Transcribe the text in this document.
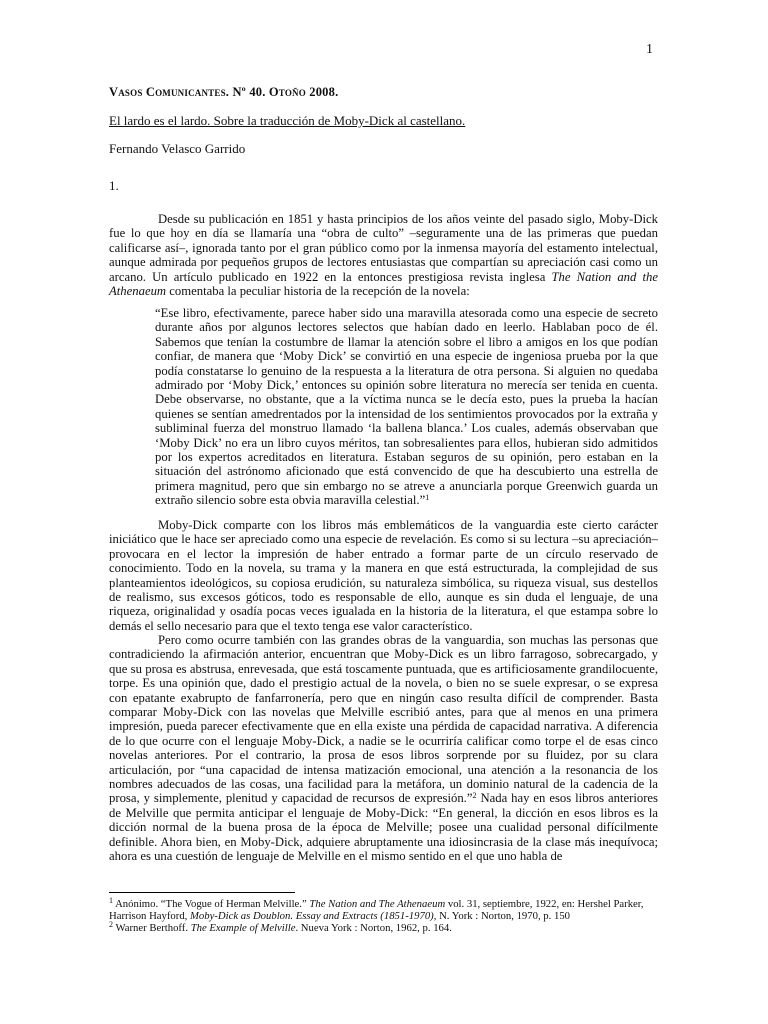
1
Vasos Comunicantes. Nº 40. Otoño 2008.
El lardo es el lardo. Sobre la traducción de Moby-Dick al castellano.
Fernando Velasco Garrido
1.

Desde su publicación en 1851 y hasta principios de los años veinte del pasado siglo, Moby-Dick fue lo que hoy en día se llamaría una “obra de culto” –seguramente una de las primeras que puedan calificarse así–, ignorada tanto por el gran público como por la inmensa mayoría del estamento intelectual, aunque admirada por pequeños grupos de lectores entusiastas que compartían su apreciación casi como un arcano. Un artículo publicado en 1922 en la entonces prestigiosa revista inglesa The Nation and the Athenaeum comentaba la peculiar historia de la recepción de la novela:

“Ese libro, efectivamente, parece haber sido una maravilla atesorada como una especie de secreto durante años por algunos lectores selectos que habían dado en leerlo. Hablaban poco de él. Sabemos que tenían la costumbre de llamar la atención sobre el libro a amigos en los que podían confiar, de manera que ‘Moby Dick’ se convirtió en una especie de ingeniosa prueba por la que podía constatarse lo genuino de la respuesta a la literatura de otra persona. Si alguien no quedaba admirado por ‘Moby Dick,’ entonces su opinión sobre literatura no merecía ser tenida en cuenta. Debe observarse, no obstante, que a la víctima nunca se le decía esto, pues la prueba la hacían quienes se sentían amedrentados por la intensidad de los sentimientos provocados por la extraña y subliminal fuerza del monstruo llamado ‘la ballena blanca.’ Los cuales, además observaban que ‘Moby Dick’ no era un libro cuyos méritos, tan sobresalientes para ellos, hubieran sido admitidos por los expertos acreditados en literatura. Estaban seguros de su opinión, pero estaban en la situación del astrónomo aficionado que está convencido de que ha descubierto una estrella de primera magnitud, pero que sin embargo no se atreve a anunciarla porque Greenwich guarda un extraño silencio sobre esta obvia maravilla celestial.”$^1$

Moby-Dick comparte con los libros más emblemáticos de la vanguardia este cierto carácter iniciático que le hace ser apreciado como una especie de revelación. Es como si su lectura –su apreciación– provocara en el lector la impresión de haber entrado a formar parte de un círculo reservado de conocimiento. Todo en la novela, su trama y la manera en que está estructurada, la complejidad de sus planteamientos ideológicos, su copiosa erudición, su naturaleza simbólica, su riqueza visual, sus destellos de realismo, sus excesos góticos, todo es responsable de ello, aunque es sin duda el lenguaje, de una riqueza, originalidad y osadía pocas veces igualada en la historia de la literatura, el que estampa sobre lo demás el sello necesario para que el texto tenga ese valor característico.

Pero como ocurre también con las grandes obras de la vanguardia, son muchas las personas que contradiciendo la afirmación anterior, encuentran que Moby-Dick es un libro farragoso, sobrecargado, y que su prosa es abstrusa, enrevesada, que está toscamente puntuada, que es artificiosamente grandilocuente, torpe. Es una opinión que, dado el prestigio actual de la novela, o bien no se suele expresar, o se expresa con epatante exabrupto de fanfarronería, pero que en ningún caso resulta difícil de comprender. Basta comparar Moby-Dick con las novelas que Melville escribió antes, para que al menos en una primera impresión, pueda parecer efectivamente que en ella existe una pérdida de capacidad narrativa. A diferencia de lo que ocurre con el lenguaje Moby-Dick, a nadie se le ocurriría calificar como torpe el de esas cinco novelas anteriores. Por el contrario, la prosa de esos libros sorprende por su fluidez, por su clara articulación, por “una capacidad de intensa matización emocional, una atención a la resonancia de los nombres adecuados de las cosas, una facilidad para la metáfora, un dominio natural de la cadencia de la prosa, y simplemente, plenitud y capacidad de recursos de expresión.”$^2$ Nada hay en esos libros anteriores de Melville que permita anticipar el lenguaje de Moby-Dick: “En general, la dicción en esos libros es la dicción normal de la buena prosa de la época de Melville; posee una cualidad personal difícilmente definible. Ahora bien, en Moby-Dick, adquiere abruptamente una idiosincrasia de la clase más inequívoca; ahora es una cuestión de lenguaje de Melville en el mismo sentido en el que uno habla de

$^1$ Anónimo. “The Vogue of Herman Melville.” The Nation and The Athenaeum vol. 31, septiembre, 1922, en: Hershel Parker, Harrison Hayford, Moby-Dick as Doublon. Essay and Extracts (1851-1970), N. York : Norton, 1970, p. 150

$^2$ Warner Berthoff. The Example of Melville. Nueva York : Norton, 1962, p. 164.
